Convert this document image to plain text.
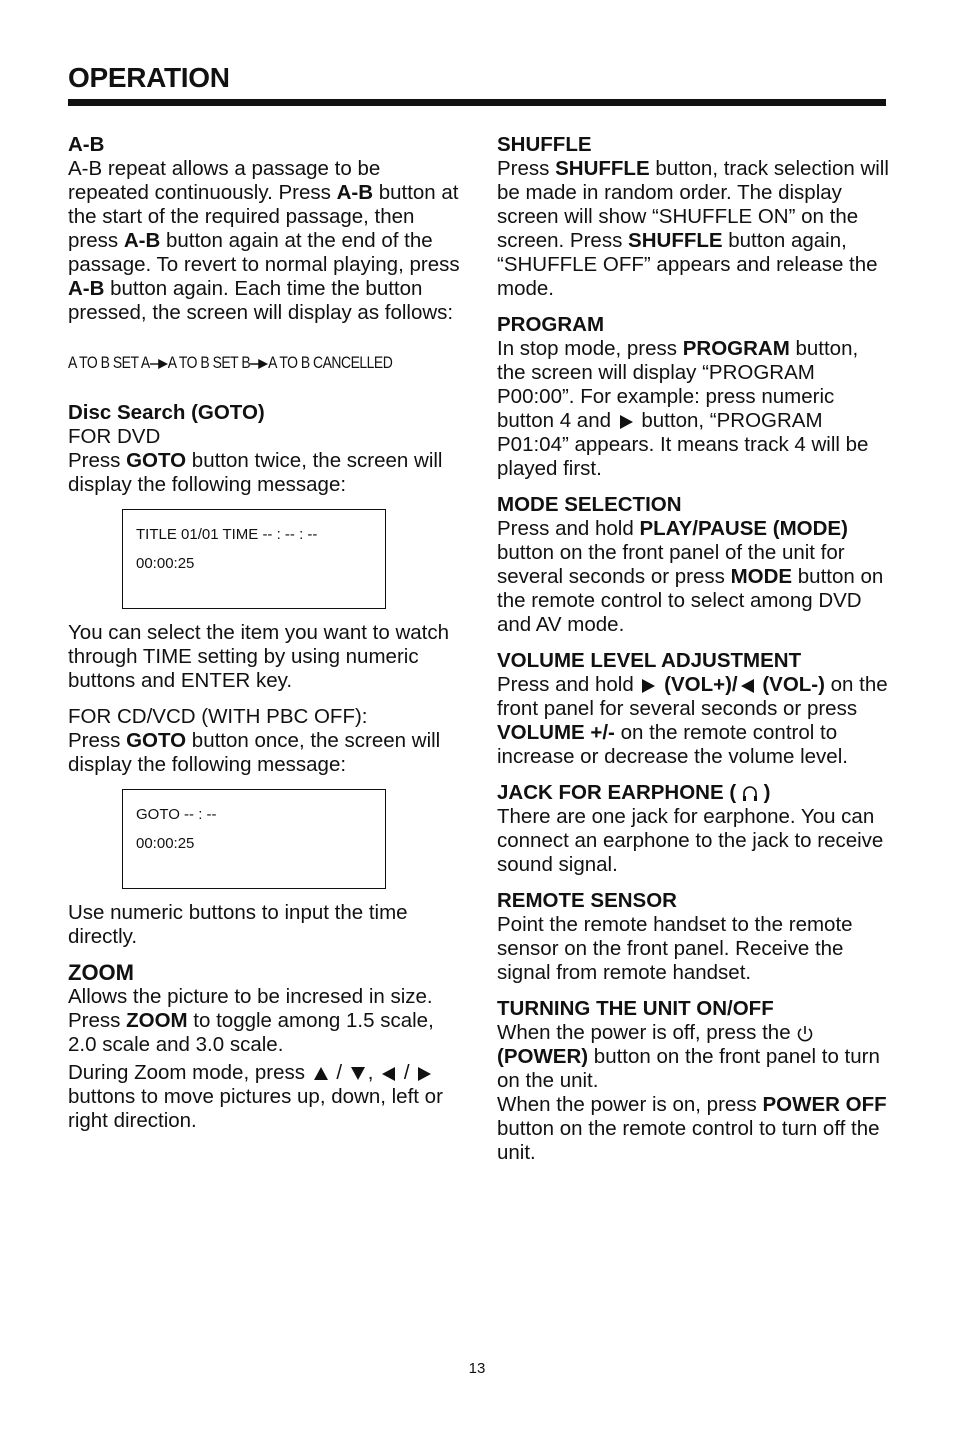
OPERATION
A-B

A-B repeat allows a passage to be repeated continuously. Press A-B button at the start of the required passage, then press A-B button again at the end of the passage. To revert to normal playing, press A-B button again. Each time the button pressed, the screen will display as follows:

A TO B SET A A TO B SET B A TO B CANCELLED
Disc Search (GOTO)

FOR DVD

Press GOTO button twice, the screen will display the following message:

TITLE 01/01 TIME -- : -- : --
00:00:25

You can select the item you want to watch through TIME setting by using numeric buttons and ENTER key.

FOR CD/VCD (WITH PBC OFF):

Press GOTO button once, the screen will display the following message:

GOTO -- : --
00:00:25

Use numeric buttons to input the time directly.

ZOOM

Allows the picture to be incresed in size. Press ZOOM to toggle among 1.5 scale, 2.0 scale and 3.0 scale.

During Zoom mode, press  / ,  /  buttons to move pictures up, down, left or right direction.

SHUFFLE

Press SHUFFLE button, track selection will be made in random order. The display screen will show “SHUFFLE ON” on the screen. Press SHUFFLE button again, “SHUFFLE OFF” appears and release the mode.

PROGRAM

In stop mode, press PROGRAM button, the screen will display “PROGRAM P00:00”. For example: press numeric button 4 and  button, “PROGRAM P01:04” appears. It means track 4 will be played first.

MODE SELECTION

Press and hold PLAY/PAUSE (MODE) button on the front panel of the unit for several seconds or press MODE button on the remote control to select among DVD and AV mode.

VOLUME LEVEL ADJUSTMENT

Press and hold  (VOL+)/ (VOL-) on the front panel for several seconds or press VOLUME +/- on the remote control to increase or decrease the volume level.

JACK FOR EARPHONE (  )

There are one jack for earphone. You can connect an earphone to the jack to receive sound signal.

REMOTE SENSOR

Point the remote handset to the remote sensor on the front panel. Receive the signal from remote handset.

TURNING THE UNIT ON/OFF

When the power is off, press the
(POWER) button on the front panel to turn on the unit.

When the power is on, press POWER OFF button on the remote control to turn off the unit.

13
